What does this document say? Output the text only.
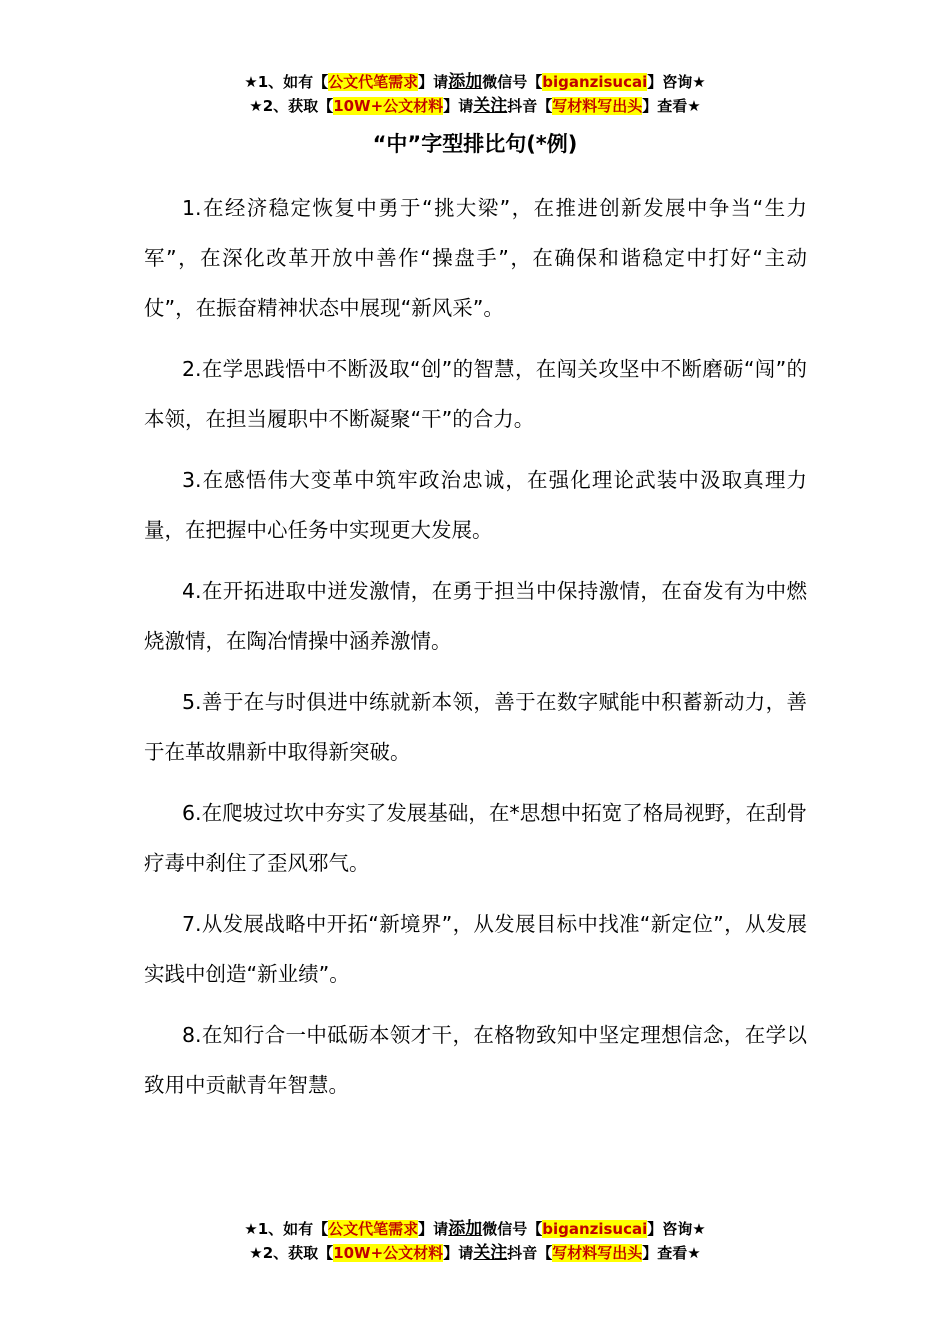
★1、如有【公文代笔需求】请添加微信号【biganzisucai】咨询★
★2、获取【10W+公文材料】请关注抖音【写材料写出头】查看★
“中”字型排比句(*例)

1.在经济稳定恢复中勇于“挑大梁”，在推进创新发展中争当“生力军”，在深化改革开放中善作“操盘手”，在确保和谐稳定中打好“主动仗”，在振奋精神状态中展现“新风采”。

2.在学思践悟中不断汲取“创”的智慧，在闯关攻坚中不断磨砺“闯”的本领，在担当履职中不断凝聚“干”的合力。

3.在感悟伟大变革中筑牢政治忠诚，在强化理论武装中汲取真理力量，在把握中心任务中实现更大发展。

4.在开拓进取中迸发激情，在勇于担当中保持激情，在奋发有为中燃烧激情，在陶冶情操中涵养激情。

5.善于在与时俱进中练就新本领，善于在数字赋能中积蓄新动力，善于在革故鼎新中取得新突破。

6.在爬坡过坎中夯实了发展基础，在*思想中拓宽了格局视野，在刮骨疗毒中刹住了歪风邪气。

7.从发展战略中开拓“新境界”，从发展目标中找准“新定位”，从发展实践中创造“新业绩”。

8.在知行合一中砥砺本领才干，在格物致知中坚定理想信念，在学以致用中贡献青年智慧。

★1、如有【公文代笔需求】请添加微信号【biganzisucai】咨询★
★2、获取【10W+公文材料】请关注抖音【写材料写出头】查看★
